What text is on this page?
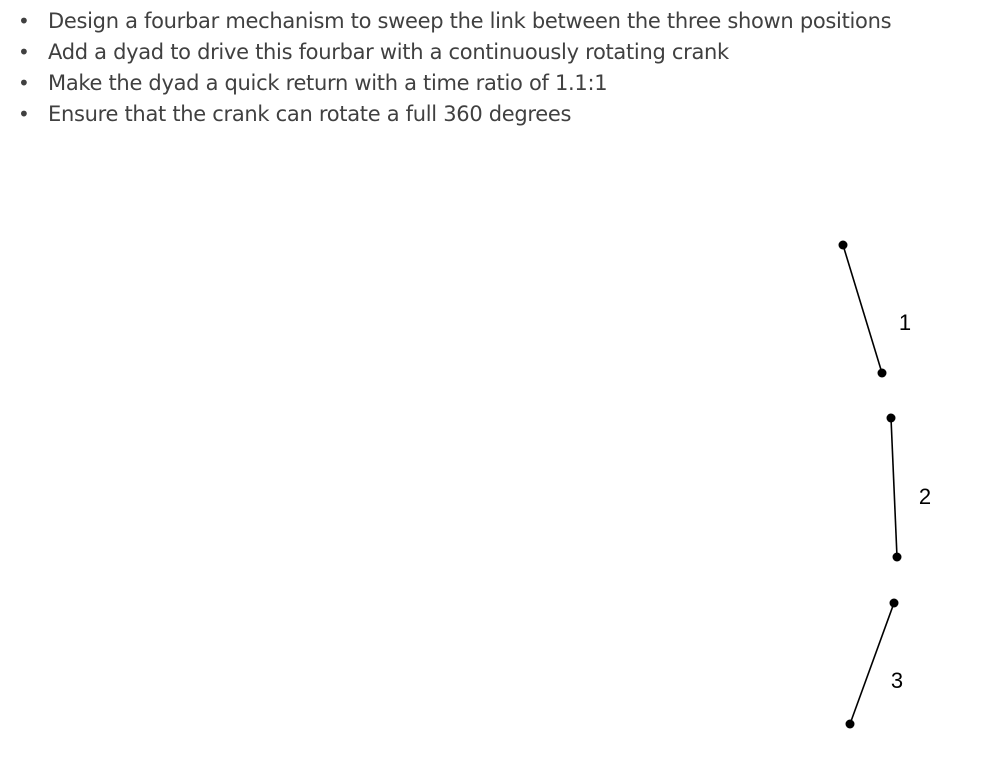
• Design a fourbar mechanism to sweep the link between the three shown positions
• Add a dyad to drive this fourbar with a continuously rotating crank
• Make the dyad a quick return with a time ratio of 1.1:1
• Ensure that the crank can rotate a full 360 degrees
1
2
3
